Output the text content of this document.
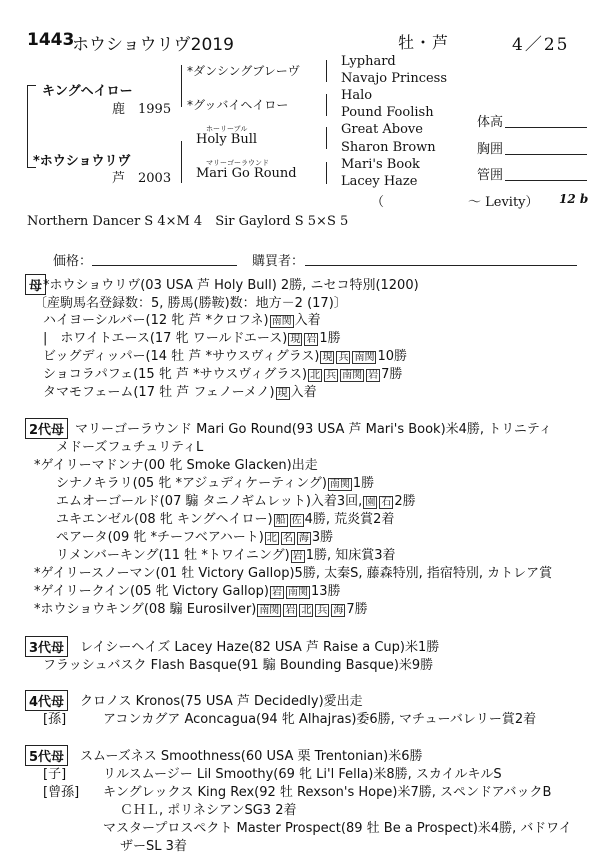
1443
ホウショウリヴ2019	牡・芦	4／25
キングヘイロー
鹿　1995
*ホウショウリヴ
芦　2003
*ダンシングブレーヴ
*グッバイヘイロー
ホーリーブル
Holy Bull
マリーゴーラウンド
Mari Go Round
Lyphard
Navajo Princess
Halo
Pound Foolish
Great Above
Sharon Brown
Mari's Book
Lacey Haze
（	〜 Levity） 12 b
Northern Dancer S 4×M 4　Sir Gaylord S 5×S 5
体高
胸囲
管囲
価格：	購買者：
母 *ホウショウリヴ(03 USA 芦 Holy Bull) 2勝, ニセコ特別(1200)
〔産駒馬名登録数：5, 勝馬(勝鞍)数：地方－2 (17)〕
ハイヨーシルバー(12 牝 芦 *クロフネ) 南関 入着
|　ホワイトエース(17 牝 ワールドエース) 現 岩 1勝
ビッグディッパー(14 牡 芦 *サウスヴィグラス) 現 兵 南関 10勝
ショコラパフェ(15 牝 芦 *サウスヴィグラス) 北 兵 南関 岩 7勝
タマモフェーム(17 牡 芦 フェノーメノ) 現 入着
2代母 マリーゴーラウンド Mari Go Round(93 USA 芦 Mari's Book)米4勝, トリニティ
　メドーズフュチュリティL
*ゲイリーマドンナ(00 牝 Smoke Glacken)出走
　シナノキラリ(05 牝 *アジュディケーティング) 南関 1勝
　エムオーゴールド(07 騸 タニノギムレット)入着3回, 園 石 2勝
　ユキエンゼル(08 牝 キングヘイロー) 船 佐 4勝, 荒炎賞2着
　ペアータ(09 牝 *チーフベアハート) 北 名 海 3勝
　リメンバーキング(11 牡 *トワイニング) 岩 1勝, 知床賞3着
*ゲイリースノーマン(01 牡 Victory Gallop)5勝, 太秦S, 藤森特別, 指宿特別, カトレア賞
*ゲイリークイン(05 牝 Victory Gallop) 岩 南関 13勝
*ホウショウキング(08 騸 Eurosilver) 南関 岩 北 兵 海 7勝
3代母	レイシーヘイズ Lacey Haze(82 USA 芦 Raise a Cup)米1勝
フラッシュバスク Flash Basque(91 騸 Bounding Basque)米9勝
4代母	クロノス Kronos(75 USA 芦 Decidedly)愛出走
[孫]	アコンカグア Aconcagua(94 牝 Alhajras)委6勝, マチューバレリー賞2着
5代母	スムーズネス Smoothness(60 USA 栗 Trentonian)米6勝
[子]	リルスムージー Lil Smoothy(69 牝 Li'l Fella)米8勝, スカイルキルS
[曾孫] キングレックス King Rex(92 牡 Rexson's Hope)米7勝, スペンドアバックB
ＣＨＬ, ポリネシアンSG3 2着
マスタープロスペクト Master Prospect(89 牡 Be a Prospect)米4勝, バドワイ
ザーSL 3着
